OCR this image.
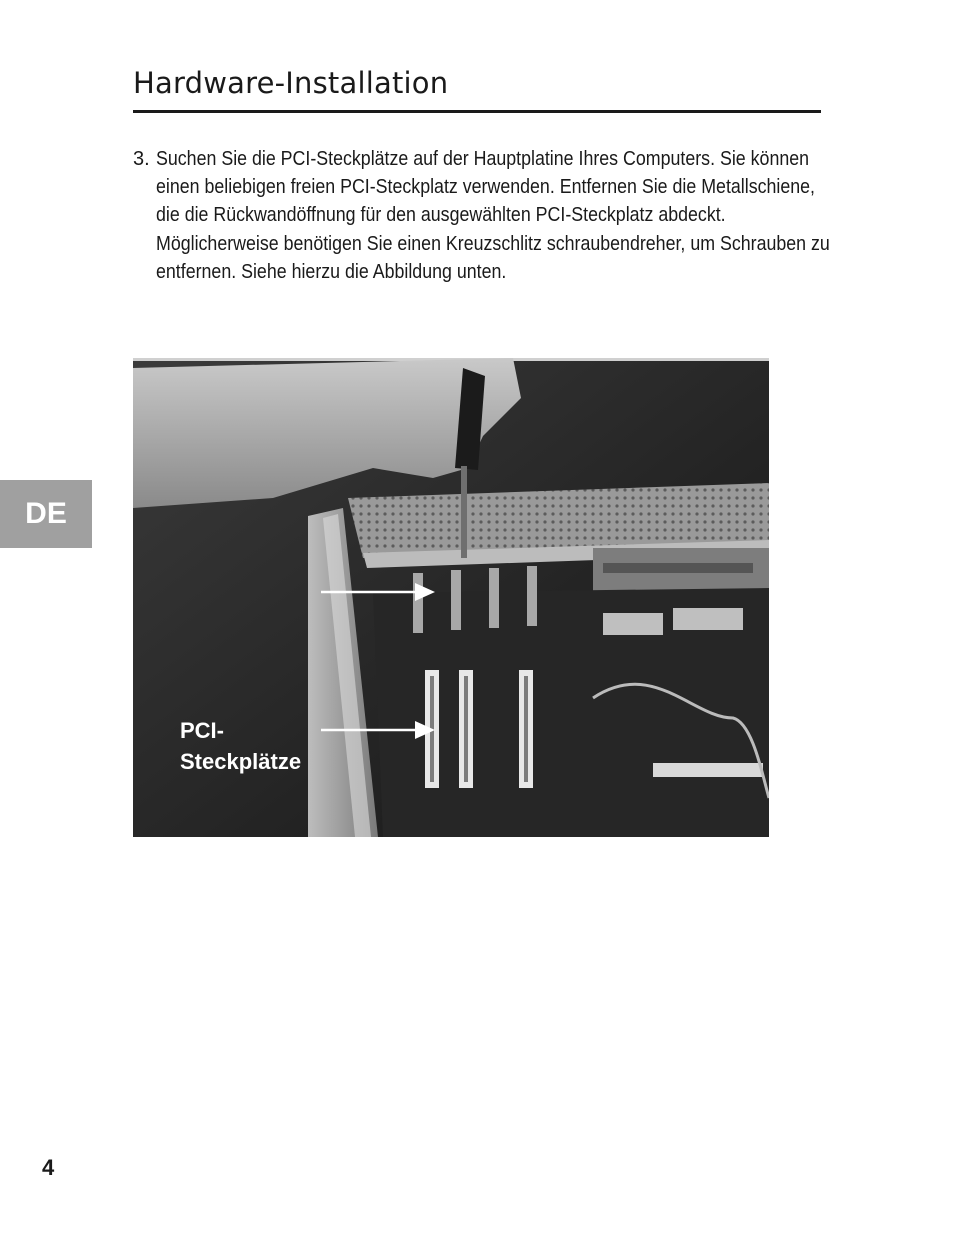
Hardware-Installation
3. Suchen Sie die PCI-Steckplätze auf der Hauptplatine Ihres Computers. Sie können einen beliebigen freien PCI-Steckplatz verwenden. Entfernen Sie die Metallschiene, die die Rückwandöffnung für den ausgewählten PCI-Steckplatz abdeckt. Möglicherweise benötigen Sie einen Kreuzschlitz schraubendreher, um Schrauben zu entfernen. Siehe hierzu die Abbildung unten.
DE
PCI-
Steckplätze
4
